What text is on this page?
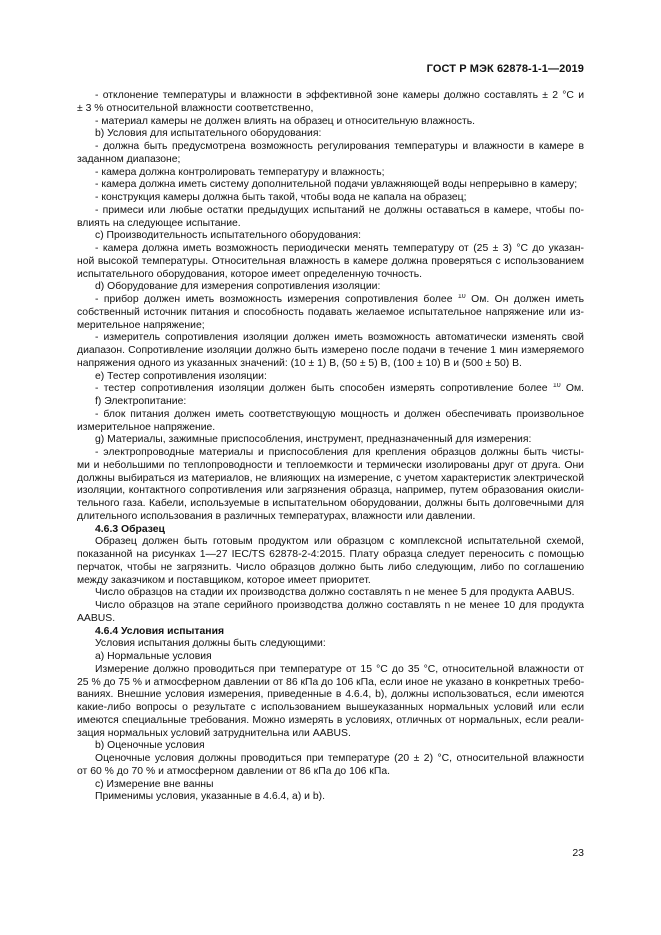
ГОСТ Р МЭК 62878-1-1—2019
- отклонение температуры и влажности в эффективной зоне камеры должно составлять ± 2 °С и
± 3 % относительной влажности соответственно,
- материал камеры не должен влиять на образец и относительную влажность.
b) Условия для испытательного оборудования:
- должна быть предусмотрена возможность регулирования температуры и влажности в камере в
заданном диапазоне;
- камера должна контролировать температуру и влажность;
- камера должна иметь систему дополнительной подачи увлажняющей воды непрерывно в камеру;
- конструкция камеры должна быть такой, чтобы вода не капала на образец;
- примеси или любые остатки предыдущих испытаний не должны оставаться в камере, чтобы по-
влиять на следующее испытание.
c) Производительность испытательного оборудования:
- камера должна иметь возможность периодически менять температуру от (25 ± 3) °С до указан-
ной высокой температуры. Относительная влажность в камере должна проверяться с использованием
испытательного оборудования, которое имеет определенную точность.
d) Оборудование для измерения сопротивления изоляции:
- прибор должен иметь возможность измерения сопротивления более $^{10}$ Ом. Он должен иметь
собственный источник питания и способность подавать желаемое испытательное напряжение или из-
мерительное напряжение;
- измеритель сопротивления изоляции должен иметь возможность автоматически изменять свой
диапазон. Сопротивление изоляции должно быть измерено после подачи в течение 1 мин измеряемого
напряжения одного из указанных значений: (10 ± 1) В, (50 ± 5) В, (100 ± 10) В и (500 ± 50) В.
e) Тестер сопротивления изоляции:
- тестер сопротивления изоляции должен быть способен измерять сопротивление более $^{10}$ Ом.
f) Электропитание:
- блок питания должен иметь соответствующую мощность и должен обеспечивать произвольное
измерительное напряжение.
g) Материалы, зажимные приспособления, инструмент, предназначенный для измерения:
- электропроводные материалы и приспособления для крепления образцов должны быть чисты-
ми и небольшими по теплопроводности и теплоемкости и термически изолированы друг от друга. Они
должны выбираться из материалов, не влияющих на измерение, с учетом характеристик электрической
изоляции, контактного сопротивления или загрязнения образца, например, путем образования окисли-
тельного газа. Кабели, используемые в испытательном оборудовании, должны быть долговечными для
длительного использования в различных температурах, влажности или давлении.
4.6.3 Образец
Образец должен быть готовым продуктом или образцом с комплексной испытательной схемой,
показанной на рисунках 1—27 IEC/TS 62878-2-4:2015. Плату образца следует переносить с помощью
перчаток, чтобы не загрязнить. Число образцов должно быть либо следующим, либо по соглашению
между заказчиком и поставщиком, которое имеет приоритет.
Число образцов на стадии их производства должно составлять n не менее 5 для продукта AABUS.
Число образцов на этапе серийного производства должно составлять n не менее 10 для продукта
AABUS.
4.6.4 Условия испытания
Условия испытания должны быть следующими:
a) Нормальные условия
Измерение должно проводиться при температуре от 15 °С до 35 °С, относительной влажности от
25 % до 75 % и атмосферном давлении от 86 кПа до 106 кПа, если иное не указано в конкретных требо-
ваниях. Внешние условия измерения, приведенные в 4.6.4, b), должны использоваться, если имеются
какие-либо вопросы о результате с использованием вышеуказанных нормальных условий или если
имеются специальные требования. Можно измерять в условиях, отличных от нормальных, если реали-
зация нормальных условий затруднительна или AABUS.
b) Оценочные условия
Оценочные условия должны проводиться при температуре (20 ± 2) °С, относительной влажности
от 60 % до 70 % и атмосферном давлении от 86 кПа до 106 кПа.
c) Измерение вне ванны
Применимы условия, указанные в 4.6.4, a) и b).
23
